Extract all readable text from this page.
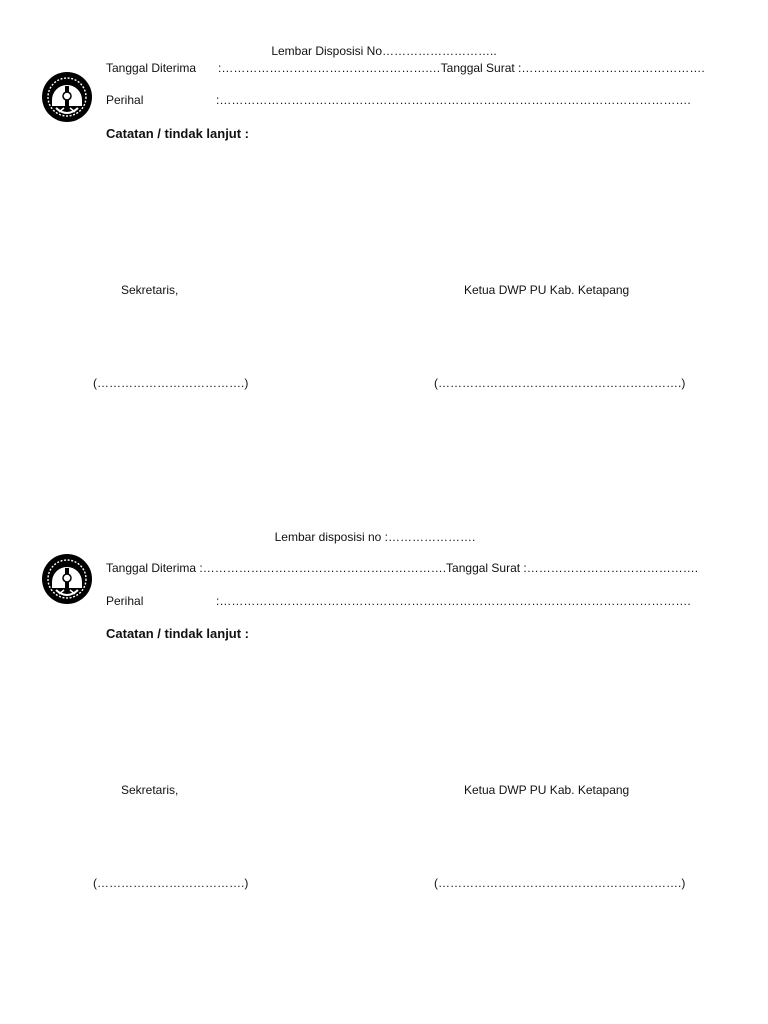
Lembar Disposisi No………………………..
Tanggal Diterima :…………………………………………….…Tanggal Surat :……………………………………….
Perihal	:……………………………………………………………………………………………………….
Catatan / tindak lanjut :
Sekretaris,	Ketua DWP PU Kab. Ketapang
(……………………………….)	(…………………………………………………….)
Lembar disposisi no :………………….
Tanggal Diterima :…………………………………………………….Tanggal Surat :…………………………………….
Perihal	:……………………………………………………………………………………………………….
Catatan / tindak lanjut :
Sekretaris,	Ketua DWP PU Kab. Ketapang
(……………………………….)	(…………………………………………………….)
